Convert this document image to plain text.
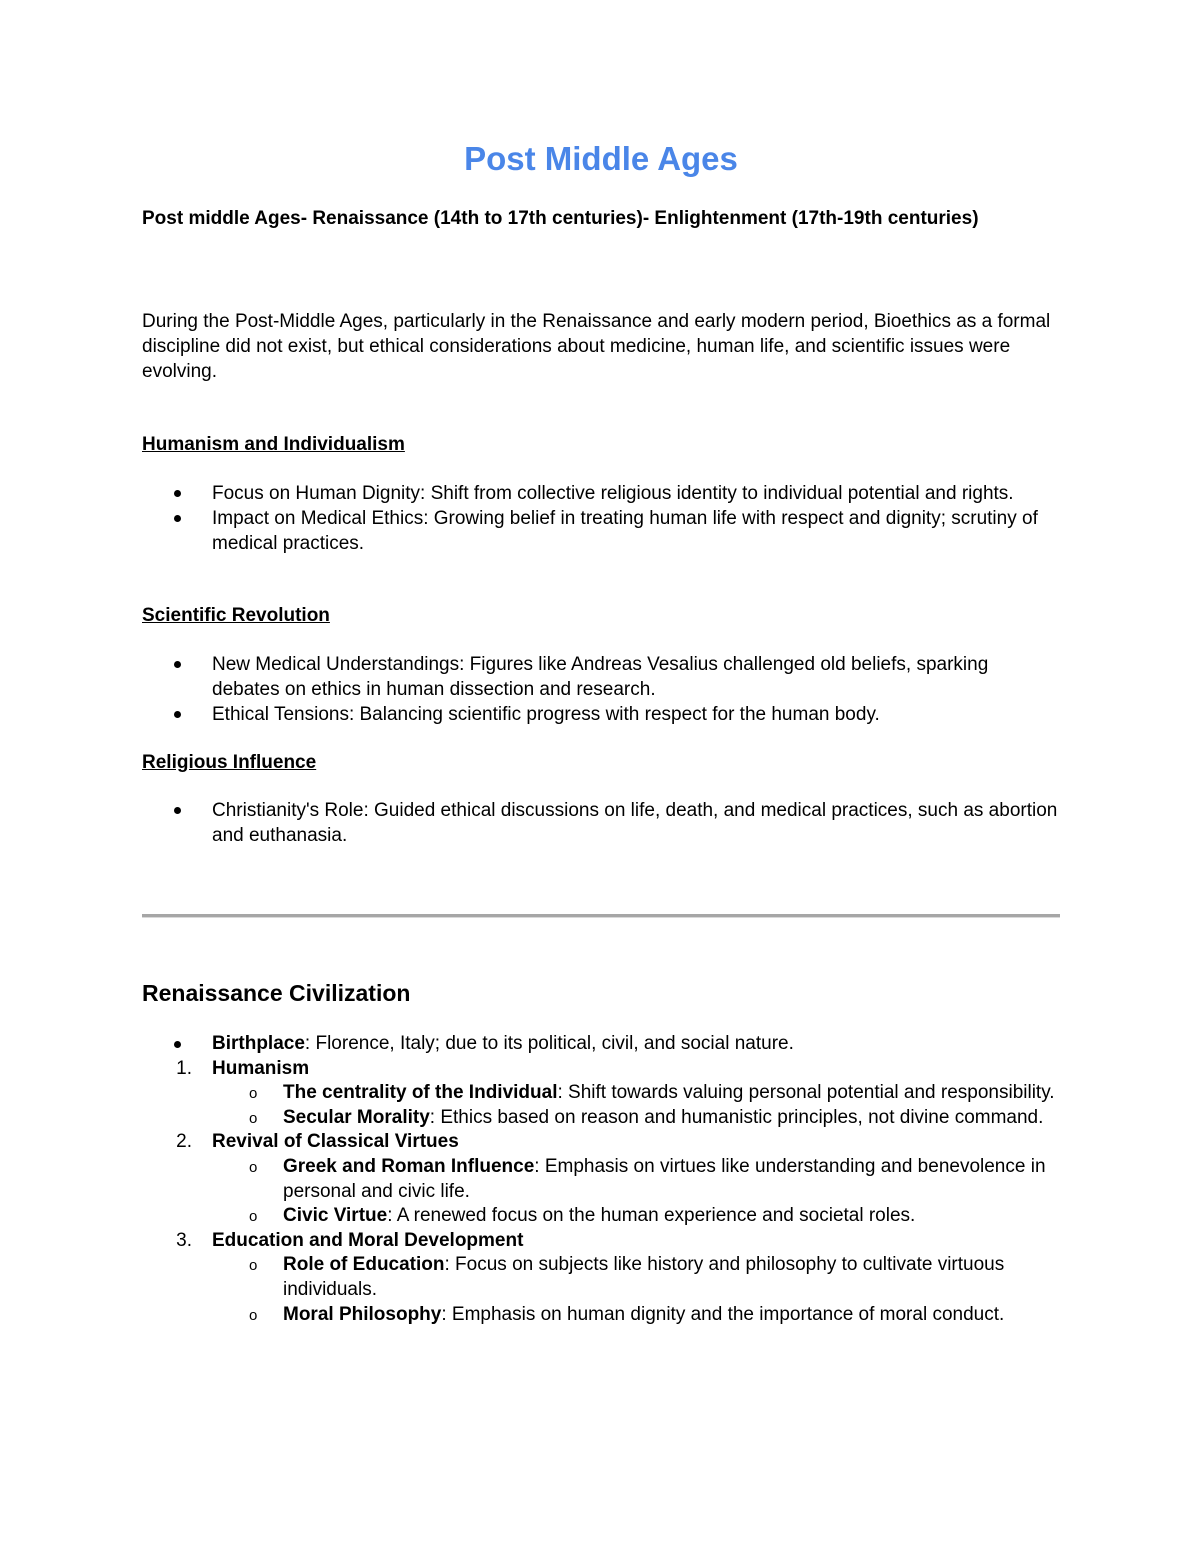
Post Middle Ages

Post middle Ages- Renaissance (14th to 17th centuries)- Enlightenment (17th-19th centuries)

During the Post-Middle Ages, particularly in the Renaissance and early modern period, Bioethics as a formal discipline did not exist, but ethical considerations about medicine, human life, and scientific issues were evolving.

Humanism and Individualism

Focus on Human Dignity: Shift from collective religious identity to individual potential and rights.
Impact on Medical Ethics: Growing belief in treating human life with respect and dignity; scrutiny of medical practices.

Scientific Revolution

New Medical Understandings: Figures like Andreas Vesalius challenged old beliefs, sparking debates on ethics in human dissection and research.
Ethical Tensions: Balancing scientific progress with respect for the human body.

Religious Influence

Christianity's Role: Guided ethical discussions on life, death, and medical practices, such as abortion and euthanasia.
Renaissance Civilization
Birthplace: Florence, Italy; due to its political, civil, and social nature.
1. Humanism
o The centrality of the Individual: Shift towards valuing personal potential and responsibility.
o Secular Morality: Ethics based on reason and humanistic principles, not divine command.
2. Revival of Classical Virtues
o Greek and Roman Influence: Emphasis on virtues like understanding and benevolence in personal and civic life.
o Civic Virtue: A renewed focus on the human experience and societal roles.
3. Education and Moral Development
o Role of Education: Focus on subjects like history and philosophy to cultivate virtuous individuals.
o Moral Philosophy: Emphasis on human dignity and the importance of moral conduct.
